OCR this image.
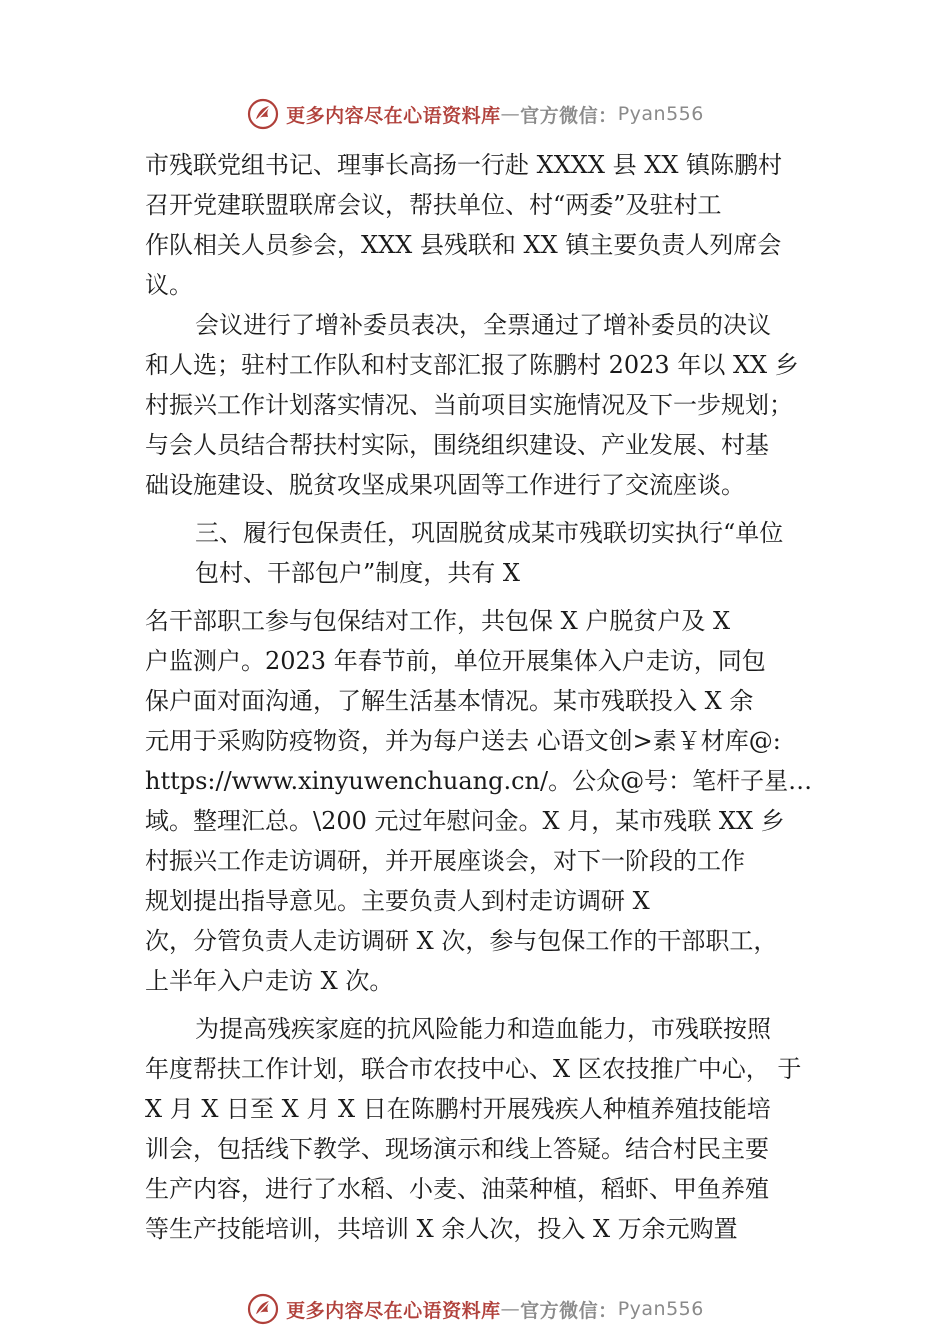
更多内容尽在心语资料库 — 官方微信： Pyan556
市残联党组书记、理事长高扬一行赴 XXXX 县 XX 镇陈鹏村
召开党建联盟联席会议，帮扶单位、村“两委”及驻村工
作队相关人员参会，XXX 县残联和 XX 镇主要负责人列席会
议。
会议进行了增补委员表决，全票通过了增补委员的决议
和人选；驻村工作队和村支部汇报了陈鹏村 2023 年以 XX 乡
村振兴工作计划落实情况、当前项目实施情况及下一步规划；
与会人员结合帮扶村实际，围绕组织建设、产业发展、村基
础设施建设、脱贫攻坚成果巩固等工作进行了交流座谈。
三、履行包保责任，巩固脱贫成某市残联切实执行“单位
包村、干部包户”制度，共有 X
名干部职工参与包保结对工作，共包保 X 户脱贫户及 X
户监测户。2023 年春节前，单位开展集体入户走访，同包
保户面对面沟通，了解生活基本情况。某市残联投入 X 余
元用于采购防疫物资，并为每户送去 心语文创>素￥材库@:
https://www.xinyuwenchuang.cn/。公众@号：笔杆子星…
域。整理汇总。\200 元过年慰问金。X 月，某市残联 XX 乡
村振兴工作走访调研，并开展座谈会，对下一阶段的工作
规划提出指导意见。主要负责人到村走访调研 X
次，分管负责人走访调研 X 次，参与包保工作的干部职工，
上半年入户走访 X 次。
为提高残疾家庭的抗风险能力和造血能力，市残联按照
年度帮扶工作计划，联合市农技中心、X 区农技推广中心， 于
X 月 X 日至 X 月 X 日在陈鹏村开展残疾人种植养殖技能培
训会，包括线下教学、现场演示和线上答疑。结合村民主要
生产内容，进行了水稻、小麦、油菜种植，稻虾、甲鱼养殖
等生产技能培训，共培训 X 余人次，投入 X 万余元购置
更多内容尽在心语资料库 — 官方微信： Pyan556
